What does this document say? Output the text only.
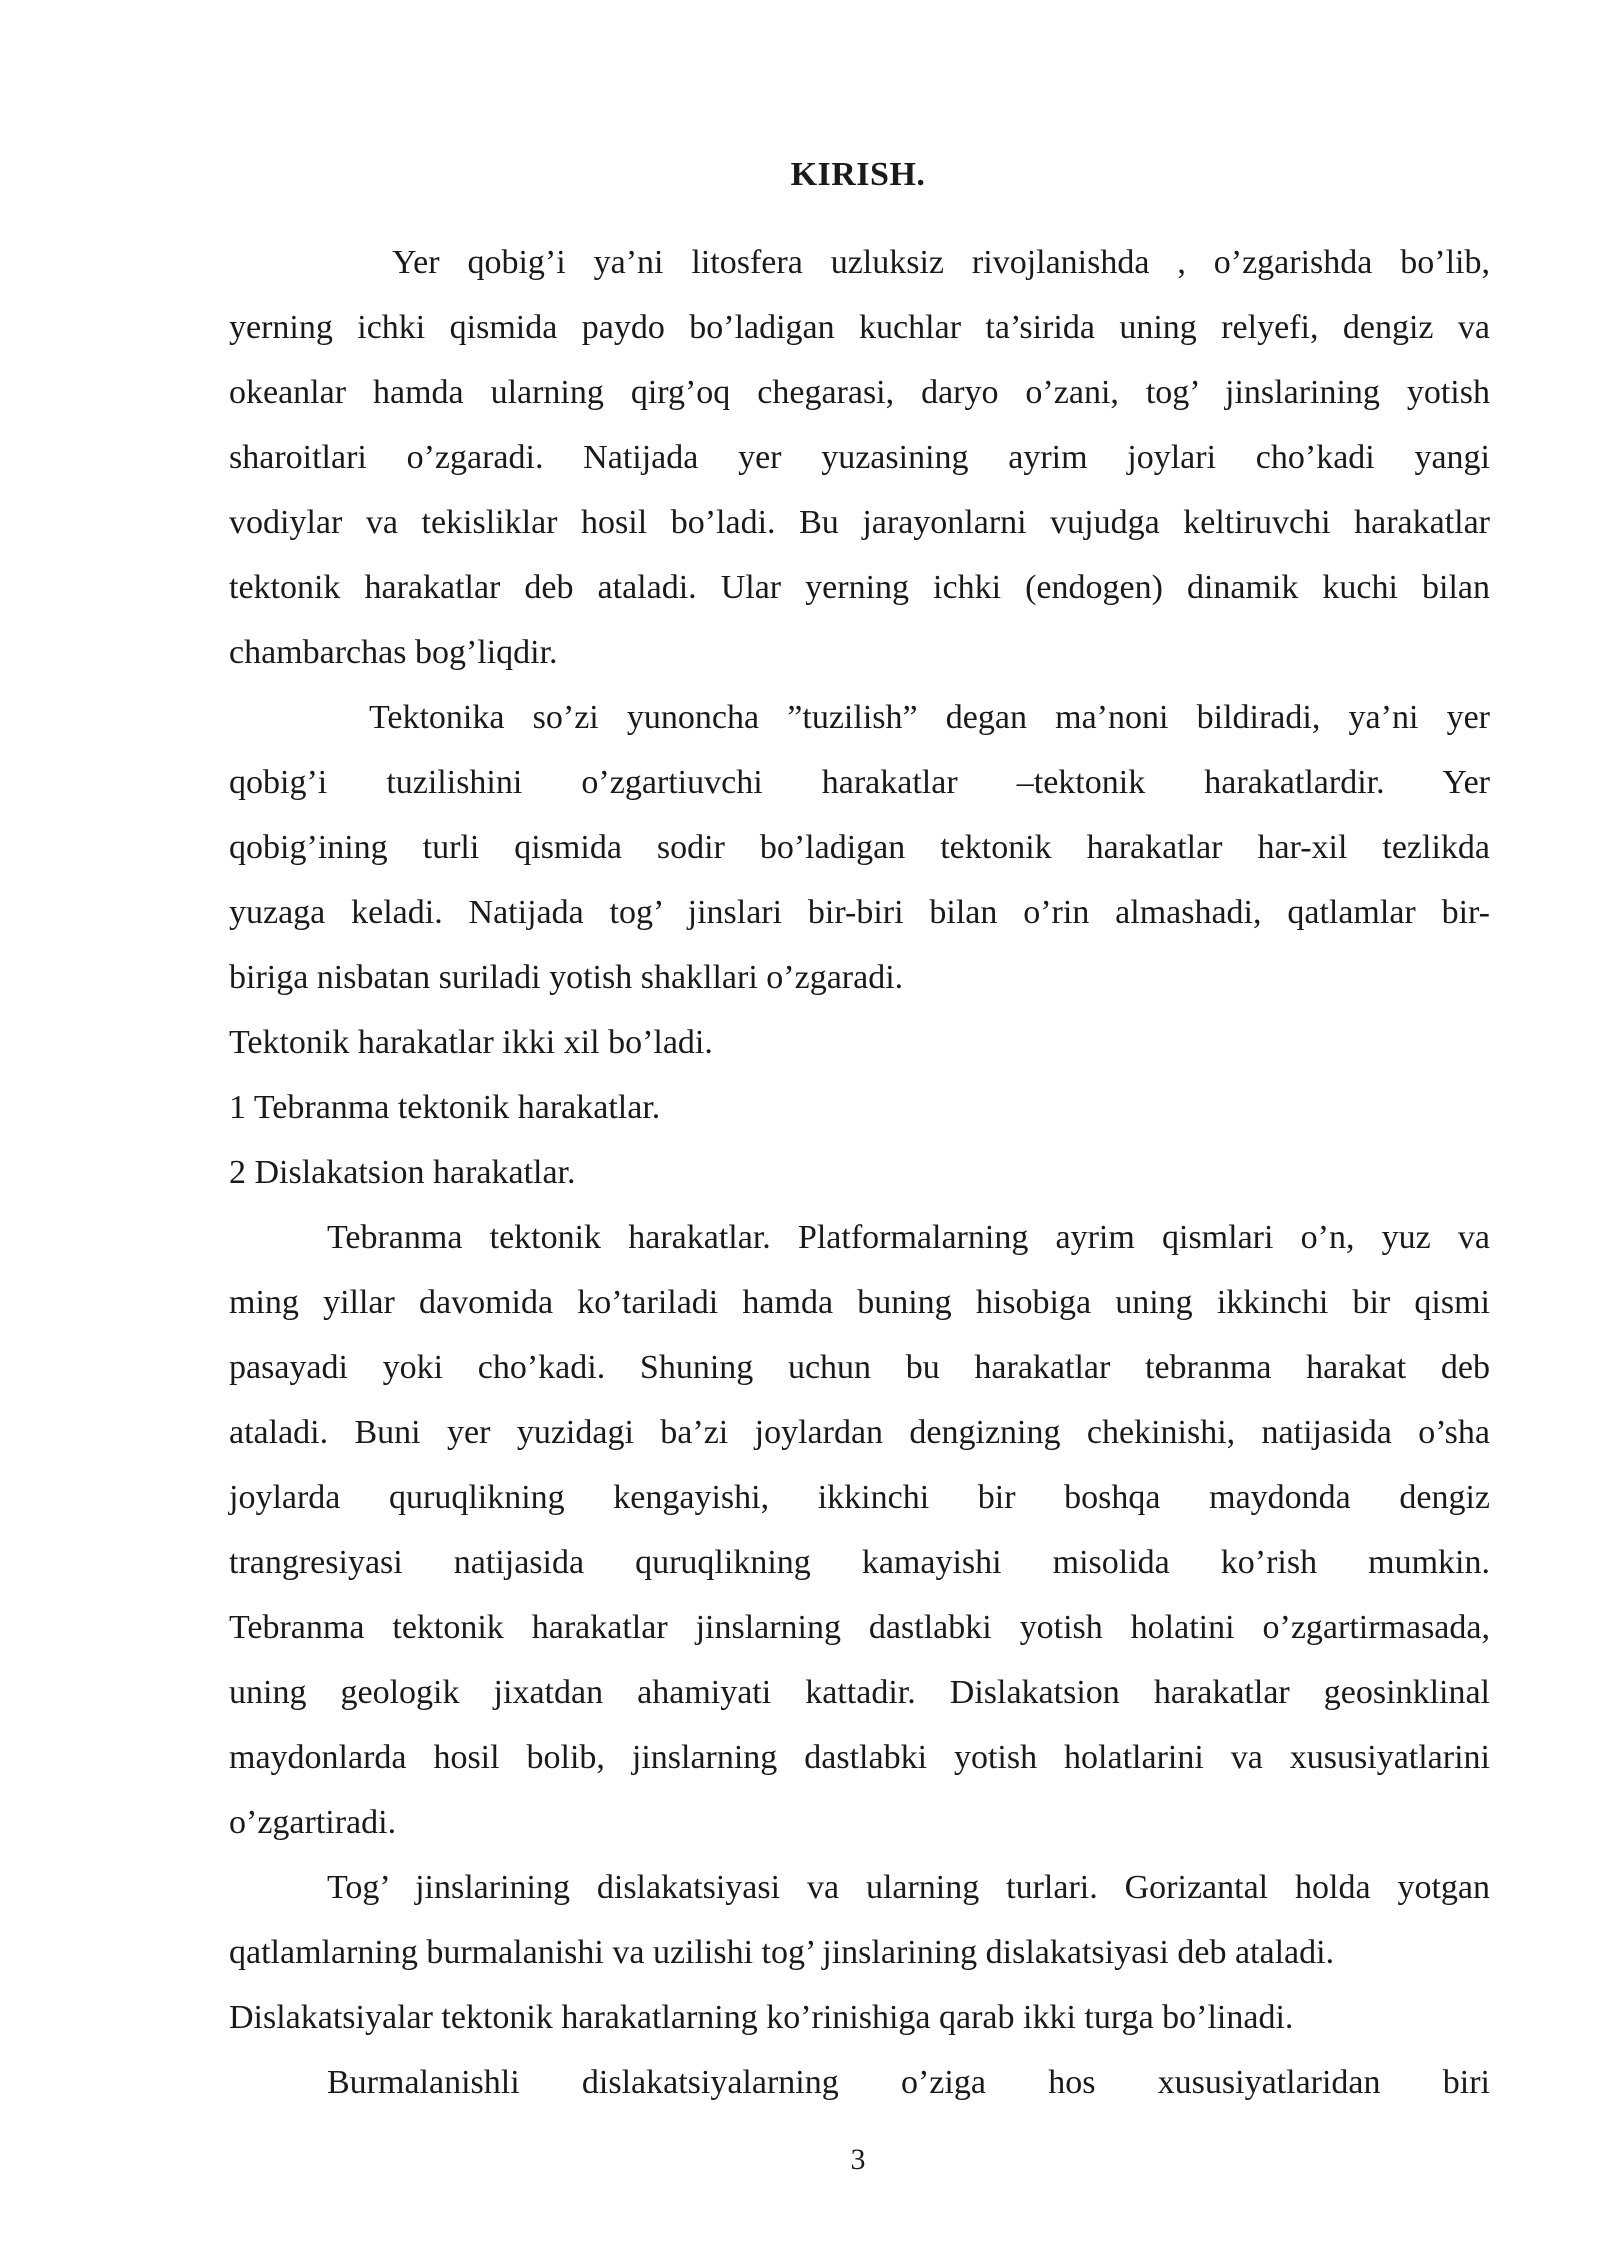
KIRISH.
Yer qobig’i ya’ni litosfera uzluksiz rivojlanishda , o’zgarishda bo’lib,
yerning ichki qismida paydo bo’ladigan kuchlar ta’sirida uning relyefi, dengiz va
okeanlar hamda ularning qirg’oq chegarasi, daryo o’zani, tog’ jinslarining yotish
sharoitlari o’zgaradi. Natijada yer yuzasining ayrim joylari cho’kadi yangi
vodiylar va tekisliklar hosil bo’ladi. Bu jarayonlarni vujudga keltiruvchi harakatlar
tektonik harakatlar deb ataladi. Ular yerning ichki (endogen) dinamik kuchi bilan
chambarchas bog’liqdir.
Tektonika so’zi yunoncha ”tuzilish” degan ma’noni bildiradi, ya’ni yer
qobig’i tuzilishini o’zgartiuvchi harakatlar –tektonik harakatlardir. Yer
qobig’ining turli qismida sodir bo’ladigan tektonik harakatlar har-xil tezlikda
yuzaga keladi. Natijada tog’ jinslari bir-biri bilan o’rin almashadi, qatlamlar bir-
biriga nisbatan suriladi yotish shakllari o’zgaradi.
Tektonik harakatlar ikki xil bo’ladi.
1 Tebranma tektonik harakatlar.
2 Dislakatsion harakatlar.
Tebranma tektonik harakatlar. Platformalarning ayrim qismlari o’n, yuz va
ming yillar davomida ko’tariladi hamda buning hisobiga uning ikkinchi bir qismi
pasayadi yoki cho’kadi. Shuning uchun bu harakatlar tebranma harakat deb
ataladi. Buni yer yuzidagi ba’zi joylardan dengizning chekinishi, natijasida o’sha
joylarda quruqlikning kengayishi, ikkinchi bir boshqa maydonda dengiz
trangresiyasi natijasida quruqlikning kamayishi misolida ko’rish mumkin.
Tebranma tektonik harakatlar jinslarning dastlabki yotish holatini o’zgartirmasada,
uning geologik jixatdan ahamiyati kattadir. Dislakatsion harakatlar geosinklinal
maydonlarda hosil bolib, jinslarning dastlabki yotish holatlarini va xususiyatlarini
o’zgartiradi.
Tog’ jinslarining dislakatsiyasi va ularning turlari. Gorizantal holda yotgan
qatlamlarning burmalanishi va uzilishi tog’ jinslarining dislakatsiyasi deb ataladi.
Dislakatsiyalar tektonik harakatlarning ko’rinishiga qarab ikki turga bo’linadi.
Burmalanishli dislakatsiyalarning o’ziga hos xususiyatlaridan biri
3
